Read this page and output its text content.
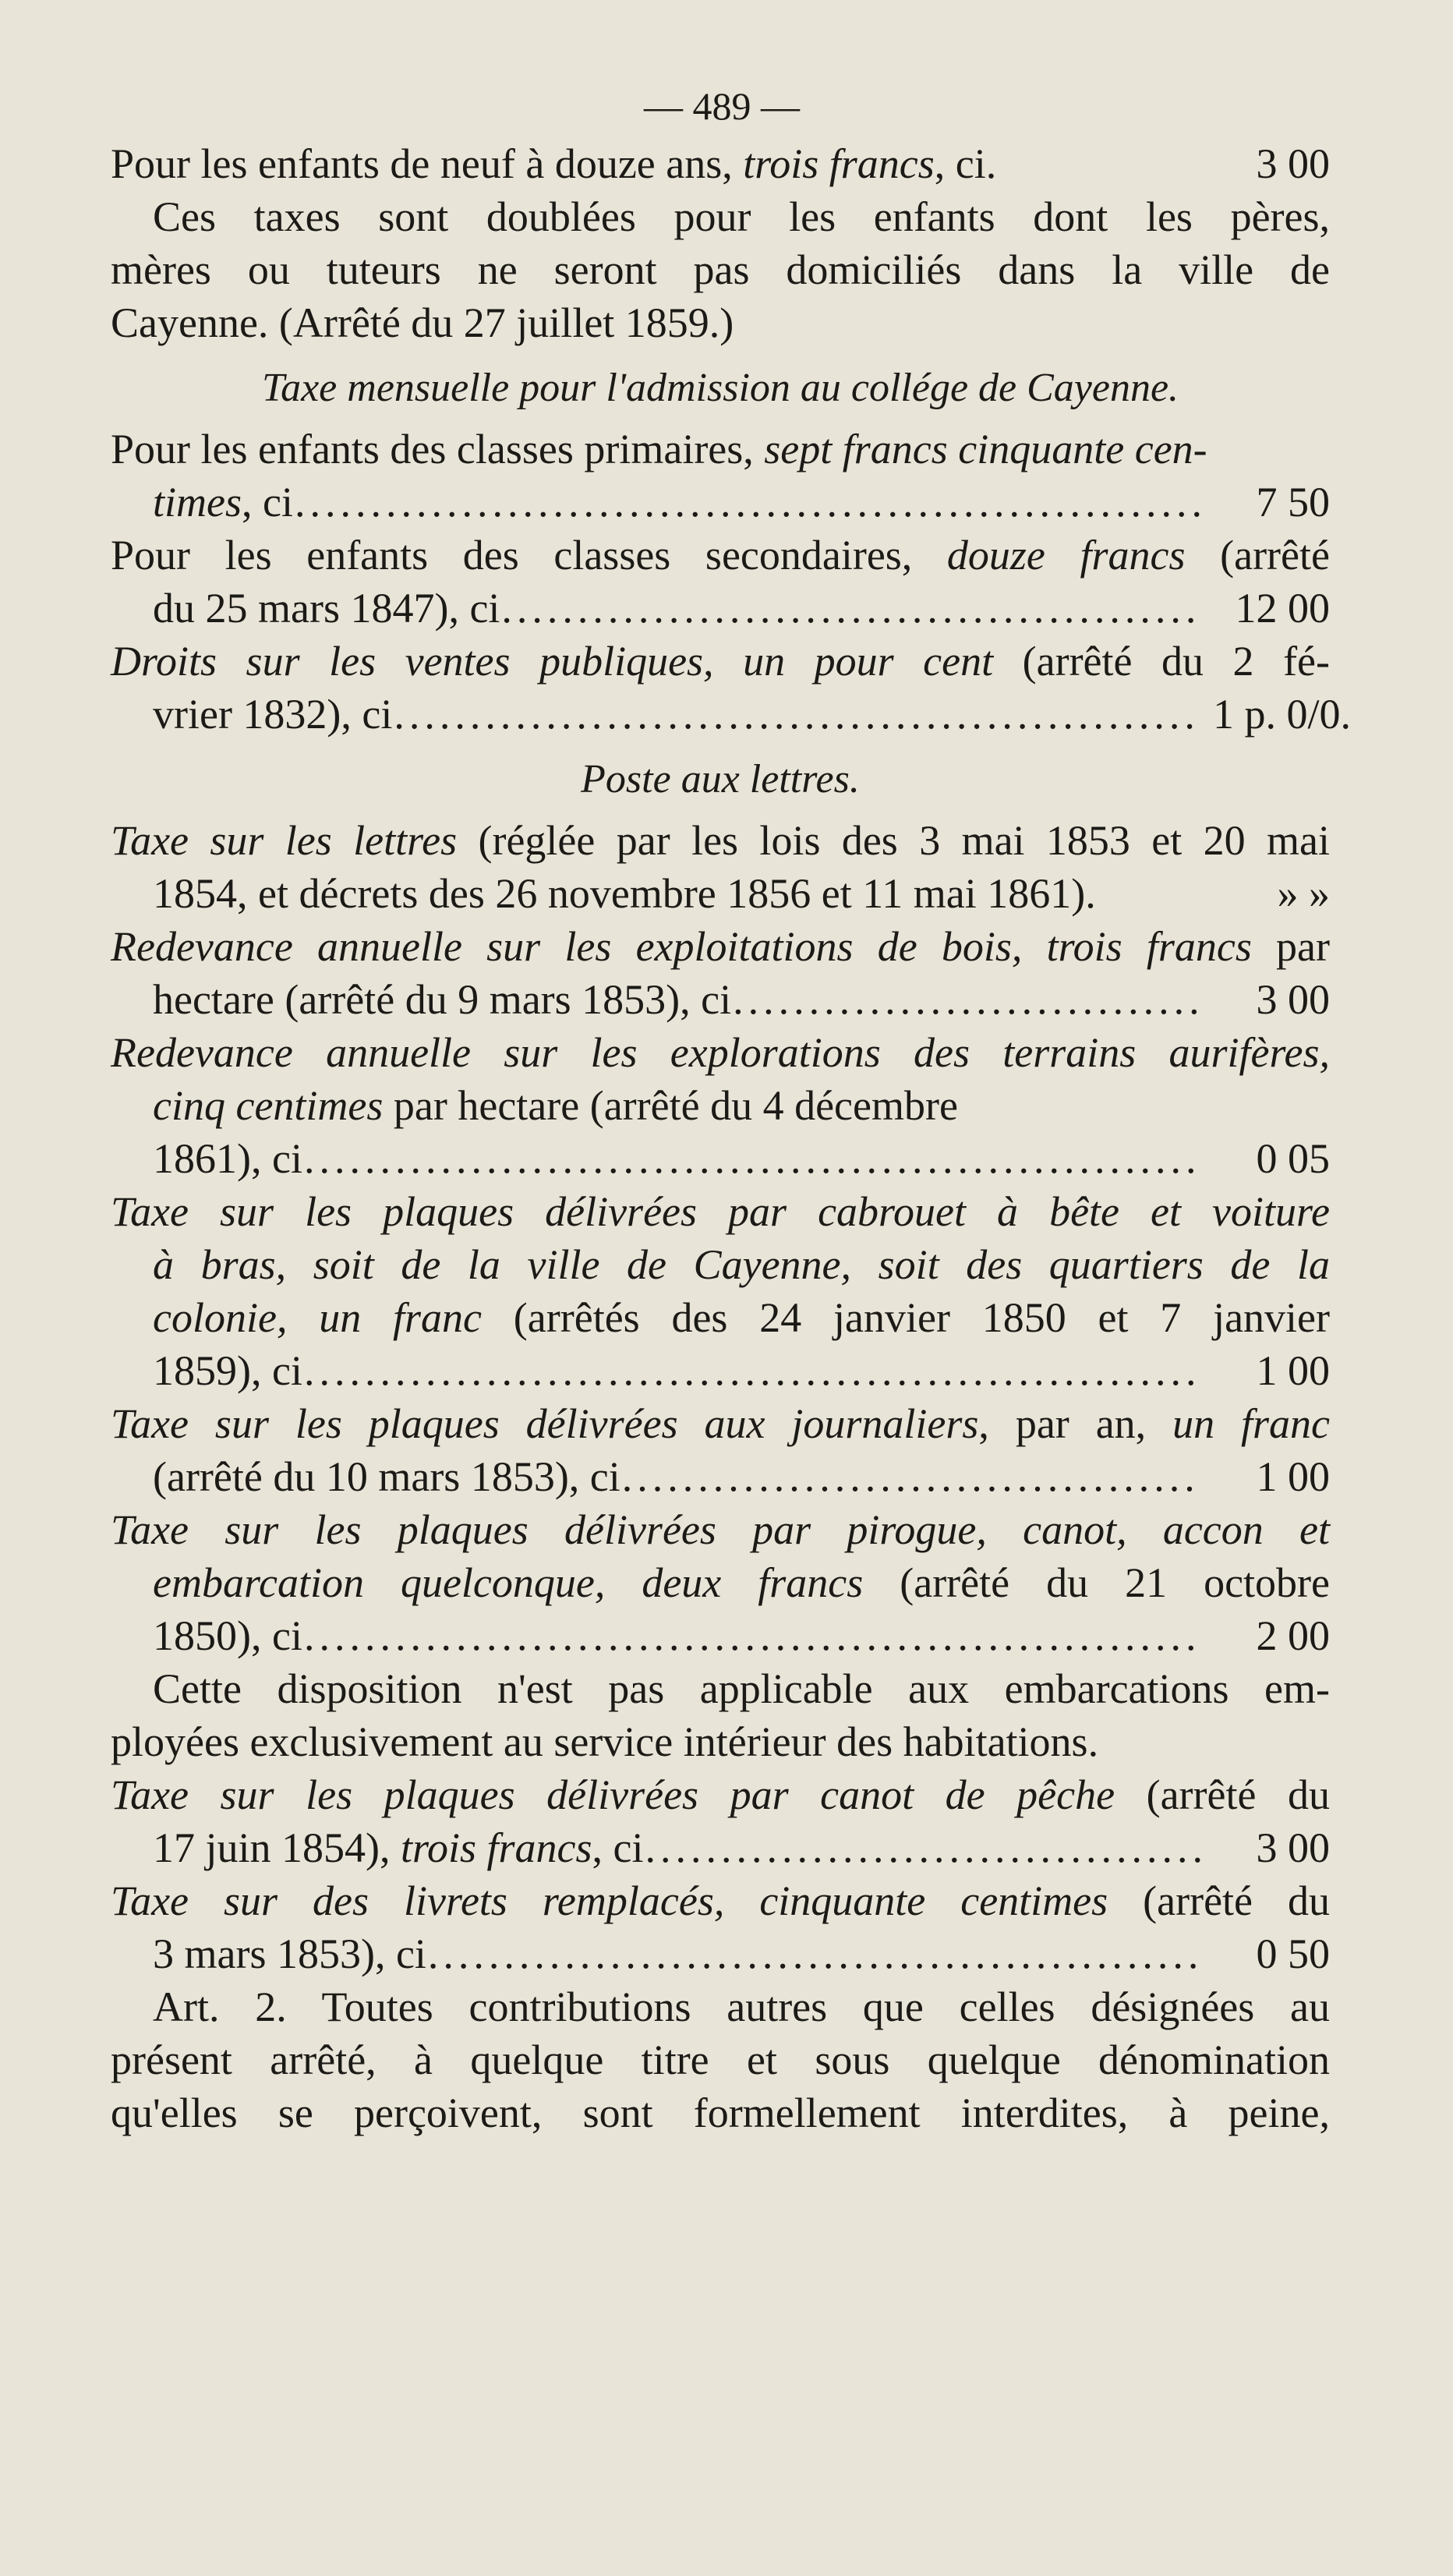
— 489 —
Pour les enfants de neuf à douze ans, trois francs, ci.	3 00
Ces taxes sont doublées pour les enfants dont les pères,
mères ou tuteurs ne seront pas domiciliés dans la ville de
Cayenne. (Arrêté du 27 juillet 1859.)
Taxe mensuelle pour l'admission au collége de Cayenne.
Pour les enfants des classes primaires, sept francs cinquante cen-
times, ci .....	7 50
Pour les enfants des classes secondaires, douze francs (arrêté
du 25 mars 1847), ci .....	12 00
Droits sur les ventes publiques, un pour cent (arrêté du 2 fé-
vrier 1832), ci .....	1 p. 0/0.
Poste aux lettres.
Taxe sur les lettres (réglée par les lois des 3 mai 1853 et 20 mai
1854, et décrets des 26 novembre 1856 et 11 mai 1861).	» »
Redevance annuelle sur les exploitations de bois, trois francs par
hectare (arrêté du 9 mars 1853), ci .....	3 00
Redevance annuelle sur les explorations des terrains aurifères,
cinq centimes par hectare (arrêté du 4 décembre
1861), ci .....	0 05
Taxe sur les plaques délivrées par cabrouet à bête et voiture
à bras, soit de la ville de Cayenne, soit des quartiers de la
colonie, un franc (arrêtés des 24 janvier 1850 et 7 janvier
1859), ci .....	1 00
Taxe sur les plaques délivrées aux journaliers, par an, un franc
(arrêté du 10 mars 1853), ci .....	1 00
Taxe sur les plaques délivrées par pirogue, canot, accon et
embarcation quelconque, deux francs (arrêté du 21 octobre
1850), ci .....	2 00
Cette disposition n'est pas applicable aux embarcations em-
ployées exclusivement au service intérieur des habitations.
Taxe sur les plaques délivrées par canot de pêche (arrêté du
17 juin 1854), trois francs, ci .....	3 00
Taxe sur des livrets remplacés, cinquante centimes (arrêté du
3 mars 1853), ci .....	0 50
Art. 2. Toutes contributions autres que celles désignées au
présent arrêté, à quelque titre et sous quelque dénomination
qu'elles se perçoivent, sont formellement interdites, à peine,
